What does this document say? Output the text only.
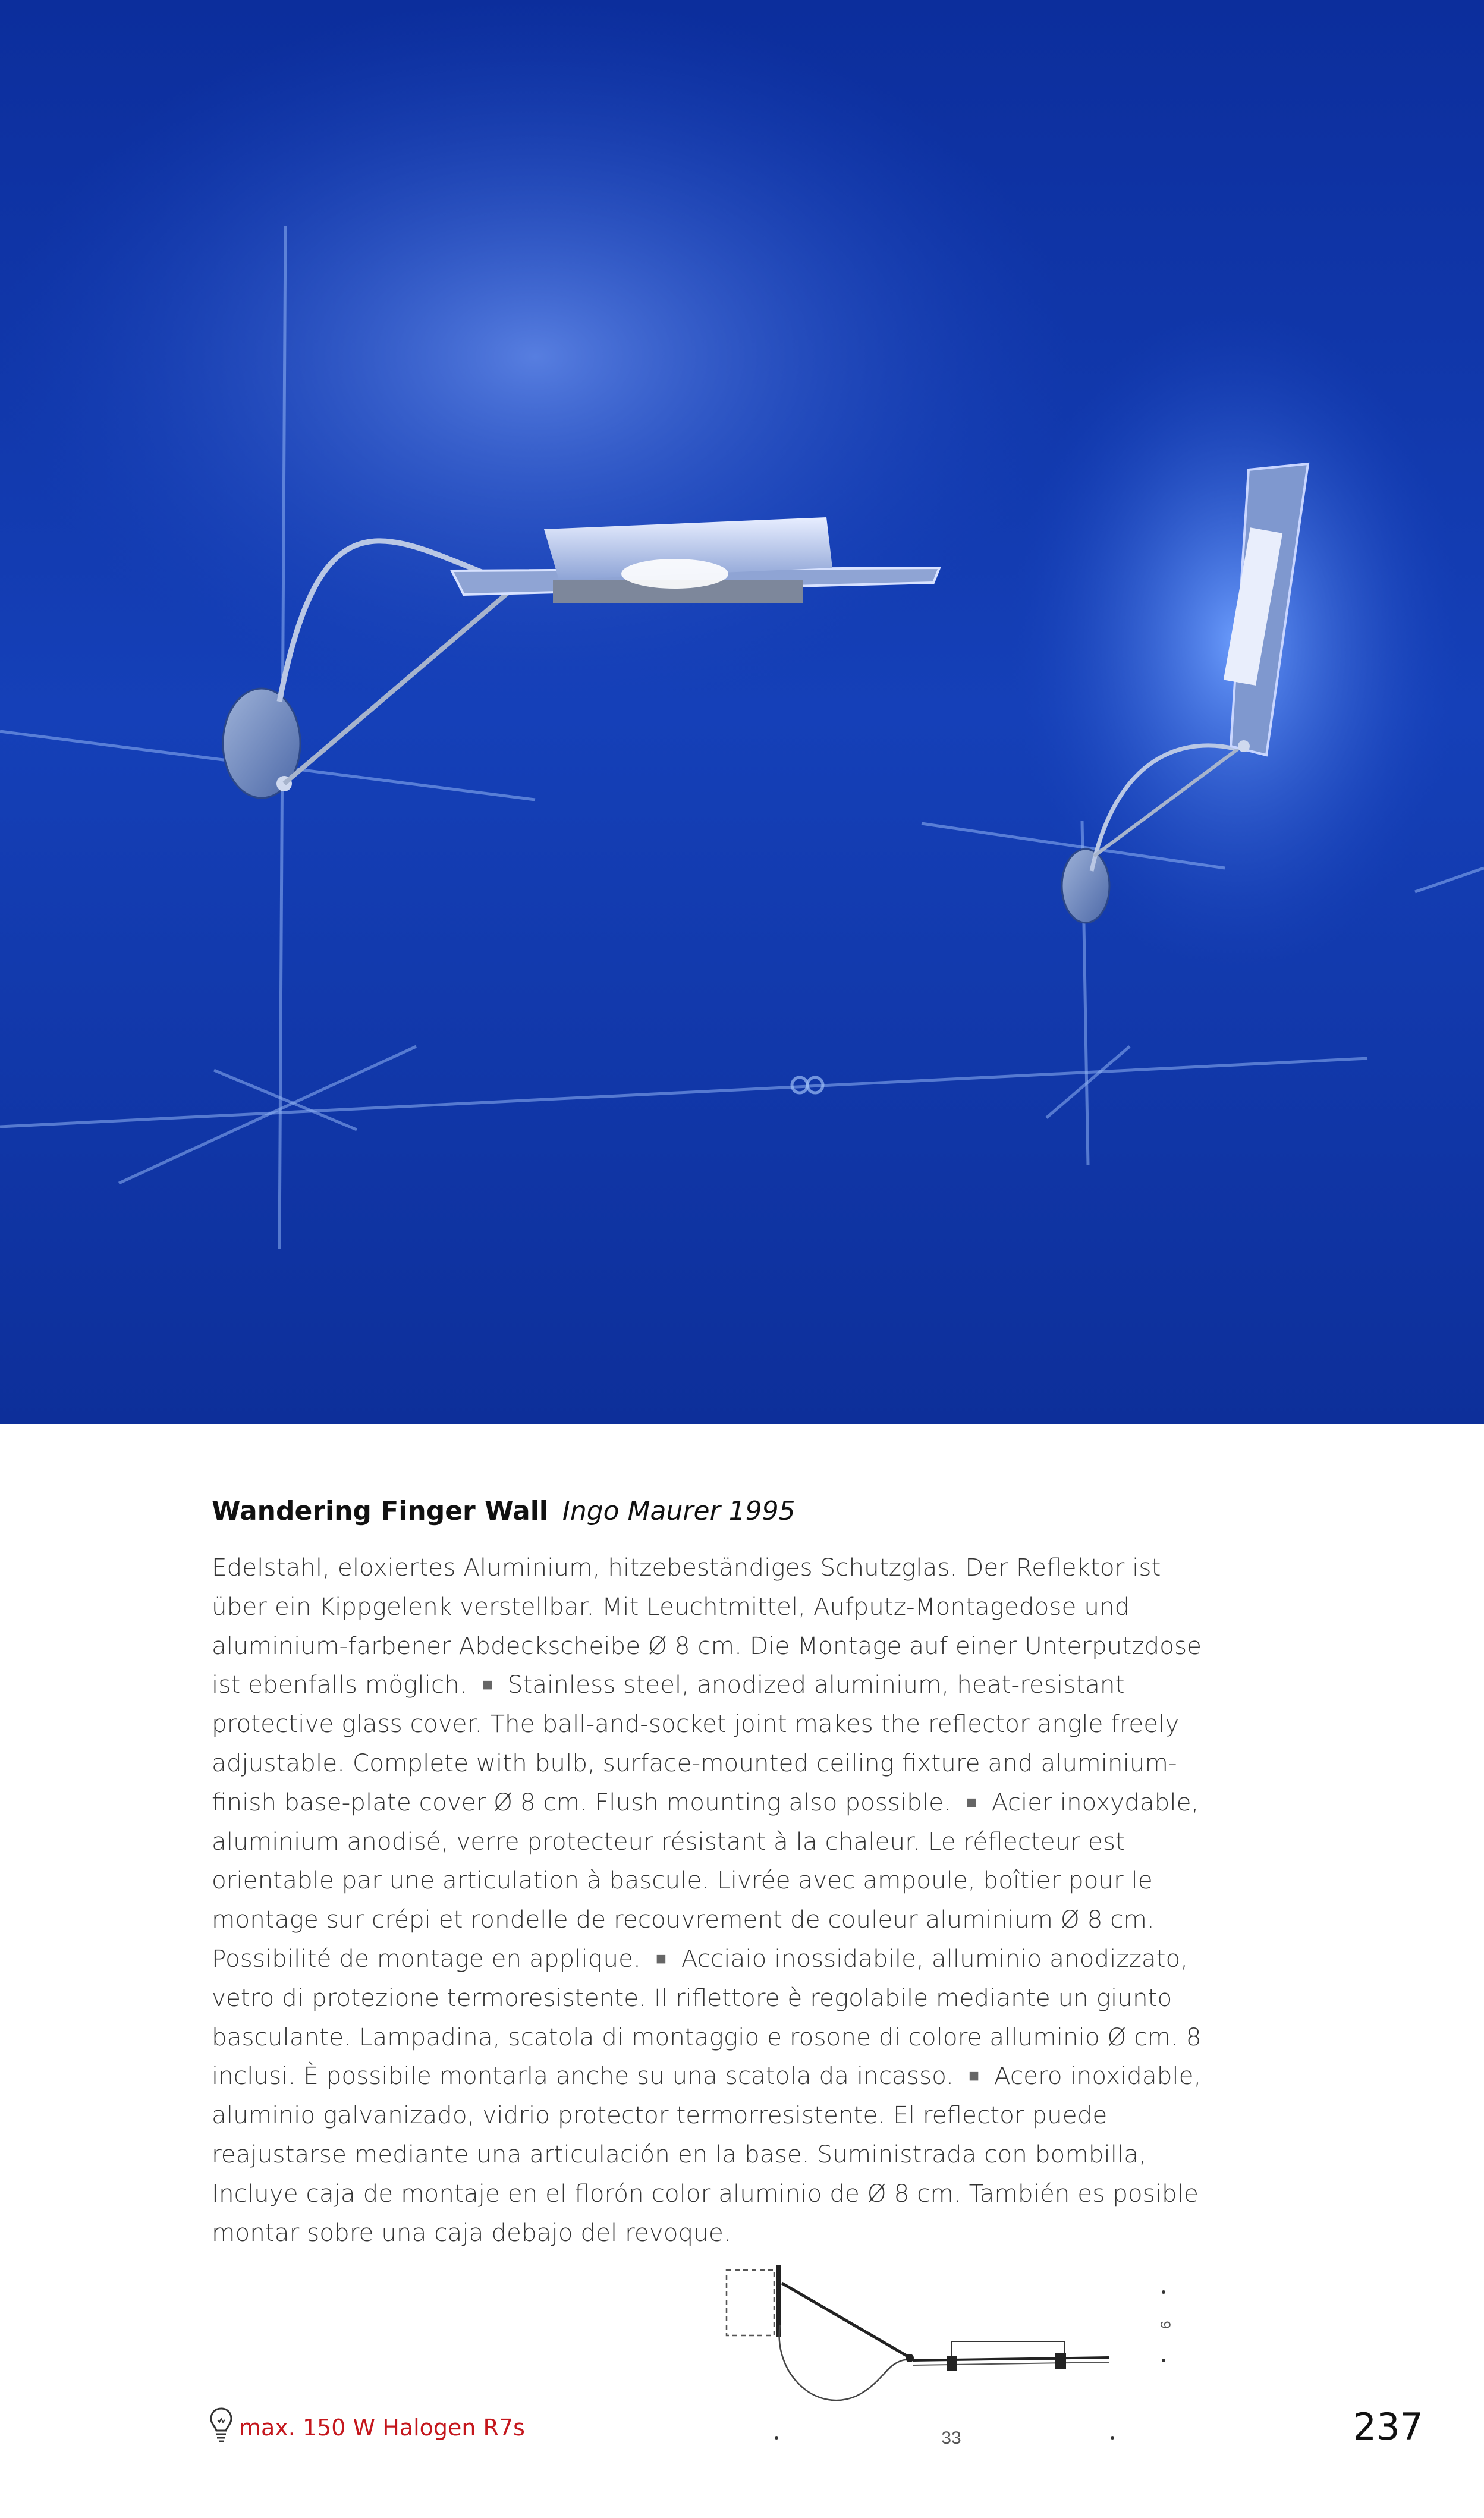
Wandering Finger Wall Ingo Maurer 1995
Edelstahl, eloxiertes Aluminium, hitzebeständiges Schutzglas. Der Reflektor ist über ein Kippgelenk verstellbar. Mit Leuchtmittel, Aufputz-Montagedose und aluminium-farbener Abdeckscheibe Ø 8 cm. Die Montage auf einer Unterputzdose ist ebenfalls möglich. ■ Stainless steel, anodized aluminium, heat-resistant protective glass cover. The ball-and-socket joint makes the reflector angle freely adjustable. Complete with bulb, surface-mounted ceiling fixture and aluminium-finish base-plate cover Ø 8 cm. Flush mounting also possible. ■ Acier inoxydable, aluminium anodisé, verre protecteur résistant à la chaleur. Le réflecteur est orientable par une articulation à bascule. Livrée avec ampoule, boîtier pour le montage sur crépi et rondelle de recouvrement de couleur aluminium Ø 8 cm. Possibilité de montage en applique. ■ Acciaio inossidabile, alluminio anodizzato, vetro di protezione termoresistente. Il riflettore è regolabile mediante un giunto basculante. Lampadina, scatola di montaggio e rosone di colore alluminio Ø cm. 8 inclusi. È possibile montarla anche su una scatola da incasso. ■ Acero inoxidable, aluminio galvanizado, vidrio protector termorresistente. El reflector puede reajustarse mediante una articulación en la base. Suministrada con bombilla, Incluye caja de montaje en el florón color aluminio de Ø 8 cm. También es posible montar sobre una caja debajo del revoque.
9
33
max. 150 W Halogen R7s	237
